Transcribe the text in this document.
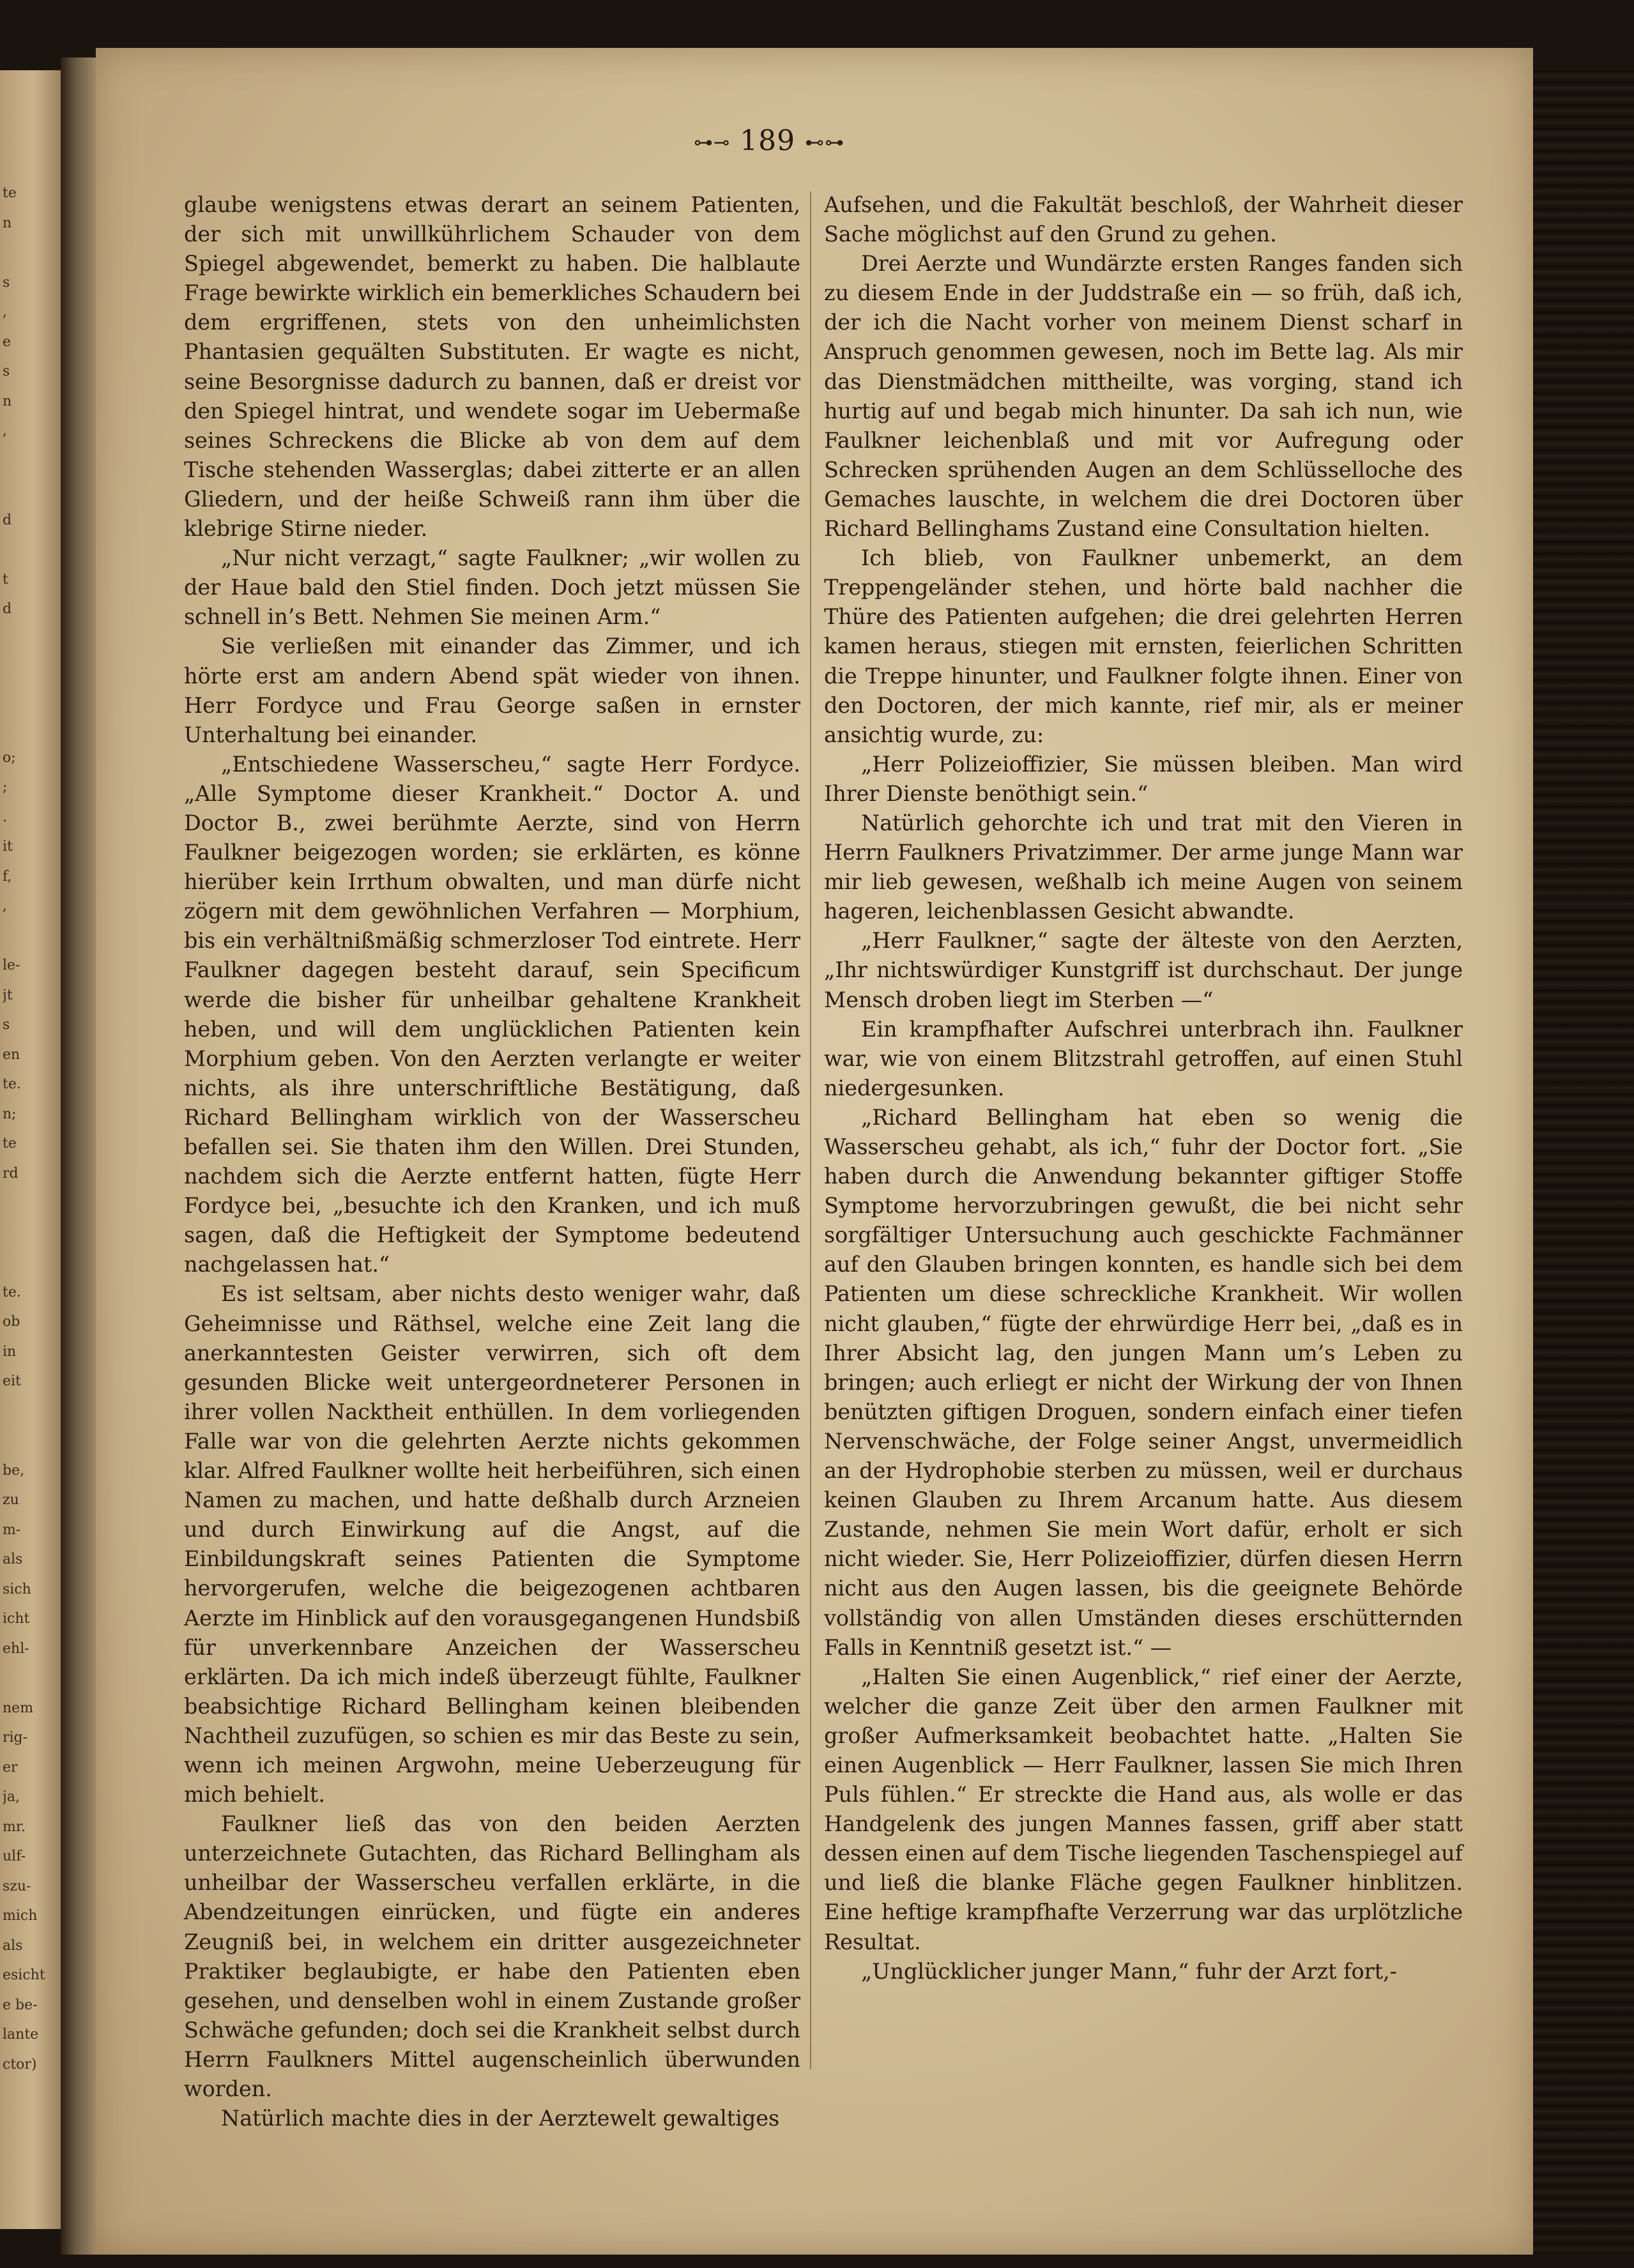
te
n

s
,
e
s
n
,

d

t
d

o;
;
.
it
f,
,

le-
jt
s
en
te.
n;
te
rd

te.
ob
in
eit

be,
zu
m-
als
sich
icht
ehl-

nem
rig-
er
ja,
mr.
ulf-
szu-
mich
als
esicht
e be-
lante
ctor)
⊶⊸ 189 ⊷⊶

glaube wenigstens etwas derart an seinem Patienten, der sich mit unwillkührlichem Schauder von dem Spiegel abgewendet, bemerkt zu haben. Die halblaute Frage bewirkte wirklich ein bemerkliches Schaudern bei dem ergriffenen, stets von den unheimlichsten Phantasien gequälten Substituten. Er wagte es nicht, seine Besorgnisse dadurch zu bannen, daß er dreist vor den Spiegel hintrat, und wendete sogar im Uebermaße seines Schreckens die Blicke ab von dem auf dem Tische stehenden Wasserglas; dabei zitterte er an allen Gliedern, und der heiße Schweiß rann ihm über die klebrige Stirne nieder.

„Nur nicht verzagt,“ sagte Faulkner; „wir wollen zu der Haue bald den Stiel finden. Doch jetzt müssen Sie schnell in’s Bett. Nehmen Sie meinen Arm.“

Sie verließen mit einander das Zimmer, und ich hörte erst am andern Abend spät wieder von ihnen. Herr Fordyce und Frau George saßen in ernster Unterhaltung bei einander.

„Entschiedene Wasserscheu,“ sagte Herr Fordyce. „Alle Symptome dieser Krankheit.“ Doctor A. und Doctor B., zwei berühmte Aerzte, sind von Herrn Faulkner beigezogen worden; sie erklärten, es könne hierüber kein Irrthum obwalten, und man dürfe nicht zögern mit dem gewöhnlichen Verfahren — Morphium, bis ein verhältnißmäßig schmerzloser Tod eintrete. Herr Faulkner dagegen besteht darauf, sein Specificum werde die bisher für unheilbar gehaltene Krankheit heben, und will dem unglücklichen Patienten kein Morphium geben. Von den Aerzten verlangte er weiter nichts, als ihre unterschriftliche Bestätigung, daß Richard Bellingham wirklich von der Wasserscheu befallen sei. Sie thaten ihm den Willen. Drei Stunden, nachdem sich die Aerzte entfernt hatten, fügte Herr Fordyce bei, „besuchte ich den Kranken, und ich muß sagen, daß die Heftigkeit der Symptome bedeutend nachgelassen hat.“

Es ist seltsam, aber nichts desto weniger wahr, daß Geheimnisse und Räthsel, welche eine Zeit lang die anerkanntesten Geister verwirren, sich oft dem gesunden Blicke weit untergeordneterer Personen in ihrer vollen Nacktheit enthüllen. In dem vorliegenden Falle war von die gelehrten Aerzte nichts gekommen klar. Alfred Faulkner wollte heit herbeiführen, sich einen Namen zu machen, und hatte deßhalb durch Arzneien und durch Einwirkung auf die Angst, auf die Einbildungskraft seines Patienten die Symptome hervorgerufen, welche die beigezogenen achtbaren Aerzte im Hinblick auf den vorausgegangenen Hundsbiß für unverkennbare Anzeichen der Wasserscheu erklärten. Da ich mich indeß überzeugt fühlte, Faulkner beabsichtige Richard Bellingham keinen bleibenden Nachtheil zuzufügen, so schien es mir das Beste zu sein, wenn ich meinen Argwohn, meine Ueberzeugung für mich behielt.

Faulkner ließ das von den beiden Aerzten unterzeichnete Gutachten, das Richard Bellingham als unheilbar der Wasserscheu verfallen erklärte, in die Abendzeitungen einrücken, und fügte ein anderes Zeugniß bei, in welchem ein dritter ausgezeichneter Praktiker beglaubigte, er habe den Patienten eben gesehen, und denselben wohl in einem Zustande großer Schwäche gefunden; doch sei die Krankheit selbst durch Herrn Faulkners Mittel augenscheinlich überwunden worden.

Natürlich machte dies in der Aerztewelt gewaltiges

Aufsehen, und die Fakultät beschloß, der Wahrheit dieser Sache möglichst auf den Grund zu gehen.

Drei Aerzte und Wundärzte ersten Ranges fanden sich zu diesem Ende in der Juddstraße ein — so früh, daß ich, der ich die Nacht vorher von meinem Dienst scharf in Anspruch genommen gewesen, noch im Bette lag. Als mir das Dienstmädchen mittheilte, was vorging, stand ich hurtig auf und begab mich hinunter. Da sah ich nun, wie Faulkner leichenblaß und mit vor Aufregung oder Schrecken sprühenden Augen an dem Schlüsselloche des Gemaches lauschte, in welchem die drei Doctoren über Richard Bellinghams Zustand eine Consultation hielten.

Ich blieb, von Faulkner unbemerkt, an dem Treppengeländer stehen, und hörte bald nachher die Thüre des Patienten aufgehen; die drei gelehrten Herren kamen heraus, stiegen mit ernsten, feierlichen Schritten die Treppe hinunter, und Faulkner folgte ihnen. Einer von den Doctoren, der mich kannte, rief mir, als er meiner ansichtig wurde, zu:

„Herr Polizeioffizier, Sie müssen bleiben. Man wird Ihrer Dienste benöthigt sein.“

Natürlich gehorchte ich und trat mit den Vieren in Herrn Faulkners Privatzimmer. Der arme junge Mann war mir lieb gewesen, weßhalb ich meine Augen von seinem hageren, leichenblassen Gesicht abwandte.

„Herr Faulkner,“ sagte der älteste von den Aerzten, „Ihr nichtswürdiger Kunstgriff ist durchschaut. Der junge Mensch droben liegt im Sterben —“

Ein krampfhafter Aufschrei unterbrach ihn. Faulkner war, wie von einem Blitzstrahl getroffen, auf einen Stuhl niedergesunken.

„Richard Bellingham hat eben so wenig die Wasserscheu gehabt, als ich,“ fuhr der Doctor fort. „Sie haben durch die Anwendung bekannter giftiger Stoffe Symptome hervorzubringen gewußt, die bei nicht sehr sorgfältiger Untersuchung auch geschickte Fachmänner auf den Glauben bringen konnten, es handle sich bei dem Patienten um diese schreckliche Krankheit. Wir wollen nicht glauben,“ fügte der ehrwürdige Herr bei, „daß es in Ihrer Absicht lag, den jungen Mann um’s Leben zu bringen; auch erliegt er nicht der Wirkung der von Ihnen benützten giftigen Droguen, sondern einfach einer tiefen Nervenschwäche, der Folge seiner Angst, unvermeidlich an der Hydrophobie sterben zu müssen, weil er durchaus keinen Glauben zu Ihrem Arcanum hatte. Aus diesem Zustande, nehmen Sie mein Wort dafür, erholt er sich nicht wieder. Sie, Herr Polizeioffizier, dürfen diesen Herrn nicht aus den Augen lassen, bis die geeignete Behörde vollständig von allen Umständen dieses erschütternden Falls in Kenntniß gesetzt ist.“ —

„Halten Sie einen Augenblick,“ rief einer der Aerzte, welcher die ganze Zeit über den armen Faulkner mit großer Aufmerksamkeit beobachtet hatte. „Halten Sie einen Augenblick — Herr Faulkner, lassen Sie mich Ihren Puls fühlen.“ Er streckte die Hand aus, als wolle er das Handgelenk des jungen Mannes fassen, griff aber statt dessen einen auf dem Tische liegenden Taschenspiegel auf und ließ die blanke Fläche gegen Faulkner hinblitzen. Eine heftige krampfhafte Verzerrung war das urplötzliche Resultat.

„Unglücklicher junger Mann,“ fuhr der Arzt fort,-
